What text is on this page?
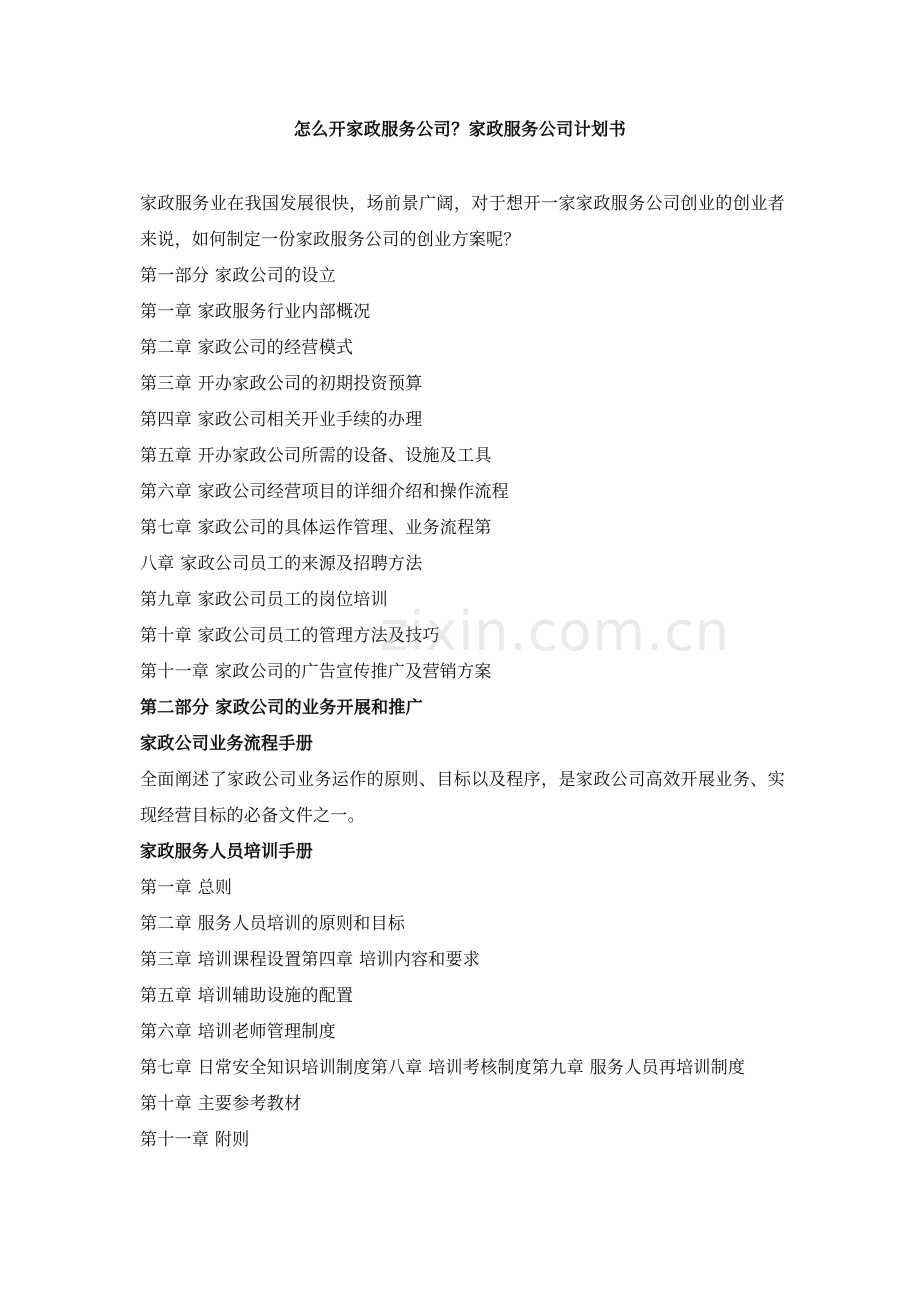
怎么开家政服务公司？家政服务公司计划书
家政服务业在我国发展很快，场前景广阔，对于想开一家家政服务公司创业的创业者来说，如何制定一份家政服务公司的创业方案呢？
第一部分 家政公司的设立
第一章 家政服务行业内部概况
第二章 家政公司的经营模式
第三章 开办家政公司的初期投资预算
第四章 家政公司相关开业手续的办理
第五章 开办家政公司所需的设备、设施及工具
第六章 家政公司经营项目的详细介绍和操作流程
第七章 家政公司的具体运作管理、业务流程第
八章 家政公司员工的来源及招聘方法
第九章 家政公司员工的岗位培训
第十章 家政公司员工的管理方法及技巧
第十一章 家政公司的广告宣传推广及营销方案
第二部分 家政公司的业务开展和推广
家政公司业务流程手册
全面阐述了家政公司业务运作的原则、目标以及程序，是家政公司高效开展业务、实现经营目标的必备文件之一。
家政服务人员培训手册
第一章 总则
第二章 服务人员培训的原则和目标
第三章 培训课程设置第四章 培训内容和要求
第五章 培训辅助设施的配置
第六章 培训老师管理制度
第七章 日常安全知识培训制度第八章 培训考核制度第九章 服务人员再培训制度
第十章 主要参考教材
第十一章 附则
zixin.com.cn
